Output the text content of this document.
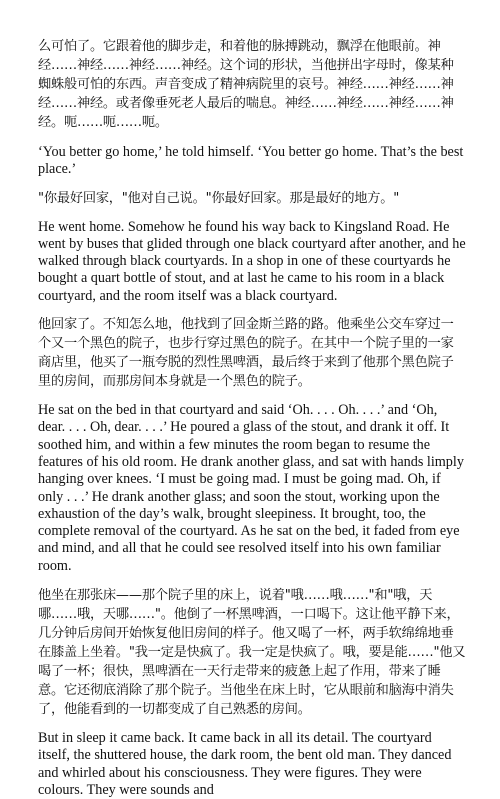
么可怕了。它跟着他的脚步走，和着他的脉搏跳动，飘浮在他眼前。神经……神经……神经……神经。这个词的形状，当他拼出字母时，像某种蜘蛛般可怕的东西。声音变成了精神病院里的哀号。神经……神经……神经……神经。或者像垂死老人最后的喘息。神经……神经……神经……神经。呃……呃……呃。

‘You better go home,’ he told himself. ‘You better go home. That’s the best place.’

"你最好回家，"他对自己说。"你最好回家。那是最好的地方。"

He went home. Somehow he found his way back to Kingsland Road. He went by buses that glided through one black courtyard after another, and he walked through black courtyards. In a shop in one of these courtyards he bought a quart bottle of stout, and at last he came to his room in a black courtyard, and the room itself was a black courtyard.

他回家了。不知怎么地，他找到了回金斯兰路的路。他乘坐公交车穿过一个又一个黑色的院子，也步行穿过黑色的院子。在其中一个院子里的一家商店里，他买了一瓶夸脱的烈性黑啤酒，最后终于来到了他那个黑色院子里的房间，而那房间本身就是一个黑色的院子。

He sat on the bed in that courtyard and said ‘Oh. . . . Oh. . . .’ and ‘Oh, dear. . . . Oh, dear. . . .’ He poured a glass of the stout, and drank it off. It soothed him, and within a few minutes the room began to resume the features of his old room. He drank another glass, and sat with hands limply hanging over knees. ‘I must be going mad. I must be going mad. Oh, if only . . .’ He drank another glass; and soon the stout, working upon the exhaustion of the day’s walk, brought sleepiness. It brought, too, the complete removal of the courtyard. As he sat on the bed, it faded from eye and mind, and all that he could see resolved itself into his own familiar room.

他坐在那张床——那个院子里的床上，说着"哦……哦……"和"哦，天哪……哦，天哪……"。他倒了一杯黑啤酒，一口喝下。这让他平静下来，几分钟后房间开始恢复他旧房间的样子。他又喝了一杯，两手软绵绵地垂在膝盖上坐着。"我一定是快疯了。我一定是快疯了。哦，要是能……"他又喝了一杯；很快，黑啤酒在一天行走带来的疲惫上起了作用，带来了睡意。它还彻底消除了那个院子。当他坐在床上时，它从眼前和脑海中消失了，他能看到的一切都变成了自己熟悉的房间。

But in sleep it came back. It came back in all its detail. The courtyard itself, the shuttered house, the dark room, the bent old man. They danced and whirled about his consciousness. They were figures. They were colours. They were sounds and
